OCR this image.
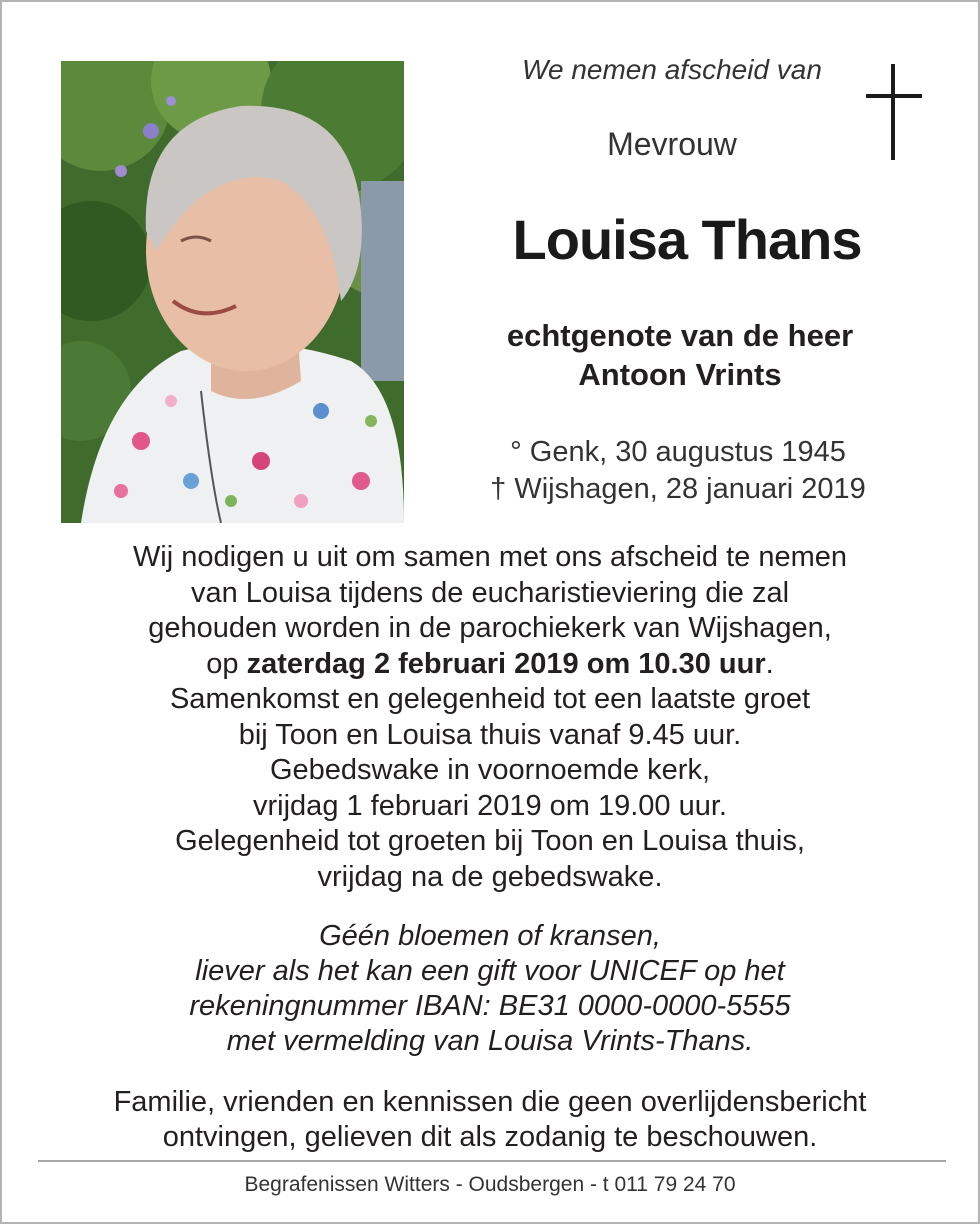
We nemen afscheid van
Mevrouw
Louisa Thans
echtgenote van de heer
Antoon Vrints
° Genk, 30 augustus 1945
† Wijshagen, 28 januari 2019
Wij nodigen u uit om samen met ons afscheid te nemen
van Louisa tijdens de eucharistieviering die zal
gehouden worden in de parochiekerk van Wijshagen,
op zaterdag 2 februari 2019 om 10.30 uur.
Samenkomst en gelegenheid tot een laatste groet
bij Toon en Louisa thuis vanaf 9.45 uur.
Gebedswake in voornoemde kerk,
vrijdag 1 februari 2019 om 19.00 uur.
Gelegenheid tot groeten bij Toon en Louisa thuis,
vrijdag na de gebedswake.
Géén bloemen of kransen,
liever als het kan een gift voor UNICEF op het
rekeningnummer IBAN: BE31 0000-0000-5555
met vermelding van Louisa Vrints-Thans.
Familie, vrienden en kennissen die geen overlijdensbericht
ontvingen, gelieven dit als zodanig te beschouwen.
Begrafenissen Witters - Oudsbergen - t 011 79 24 70
